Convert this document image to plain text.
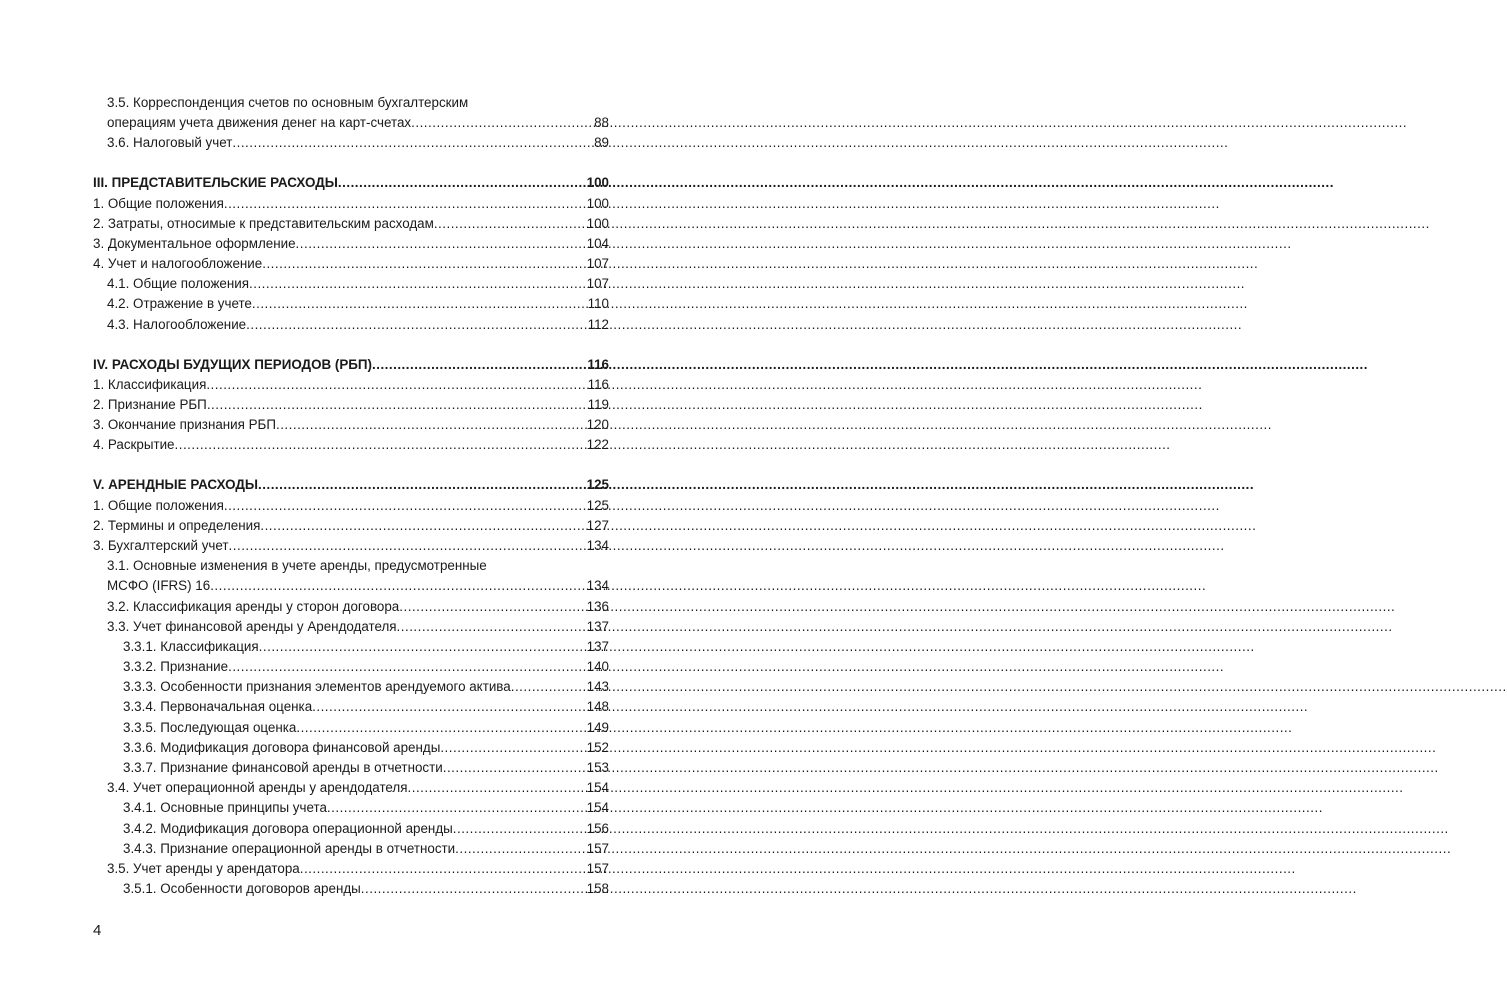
3.5. Корреспонденция счетов по основным бухгалтерским
операциям учета движения денег на карт-счетах .....	88
3.6. Налоговый учет .....	89
III. ПРЕДСТАВИТЕЛЬСКИЕ РАСХОДЫ .....	100
1. Общие положения .....	100
2. Затраты, относимые к представительским расходам .....	100
3. Документальное оформление .....	104
4. Учет и налогообложение .....	107
4.1. Общие положения .....	107
4.2. Отражение в учете .....	110
4.3. Налогообложение .....	112
IV. РАСХОДЫ БУДУЩИХ ПЕРИОДОВ (РБП) .....	116
1. Классификация .....	116
2. Признание РБП .....	119
3. Окончание признания РБП .....	120
4. Раскрытие .....	122
V. АРЕНДНЫЕ РАСХОДЫ .....	125
1. Общие положения .....	125
2. Термины и определения .....	127
3. Бухгалтерский учет .....	134
3.1. Основные изменения в учете аренды, предусмотренные
МСФО (IFRS) 16 .....	134
3.2. Классификация аренды у сторон договора .....	136
3.3. Учет финансовой аренды у Арендодателя .....	137
3.3.1. Классификация .....	137
3.3.2. Признание .....	140
3.3.3. Особенности признания элементов арендуемого актива .....	143
3.3.4. Первоначальная оценка .....	148
3.3.5. Последующая оценка .....	149
3.3.6. Модификация договора финансовой аренды .....	152
3.3.7. Признание финансовой аренды в отчетности .....	153
3.4. Учет операционной аренды у арендодателя .....	154
3.4.1. Основные принципы учета .....	154
3.4.2. Модификация договора операционной аренды .....	156
3.4.3. Признание операционной аренды в отчетности .....	157
3.5. Учет аренды у арендатора .....	157
3.5.1. Особенности договоров аренды .....	158
4
